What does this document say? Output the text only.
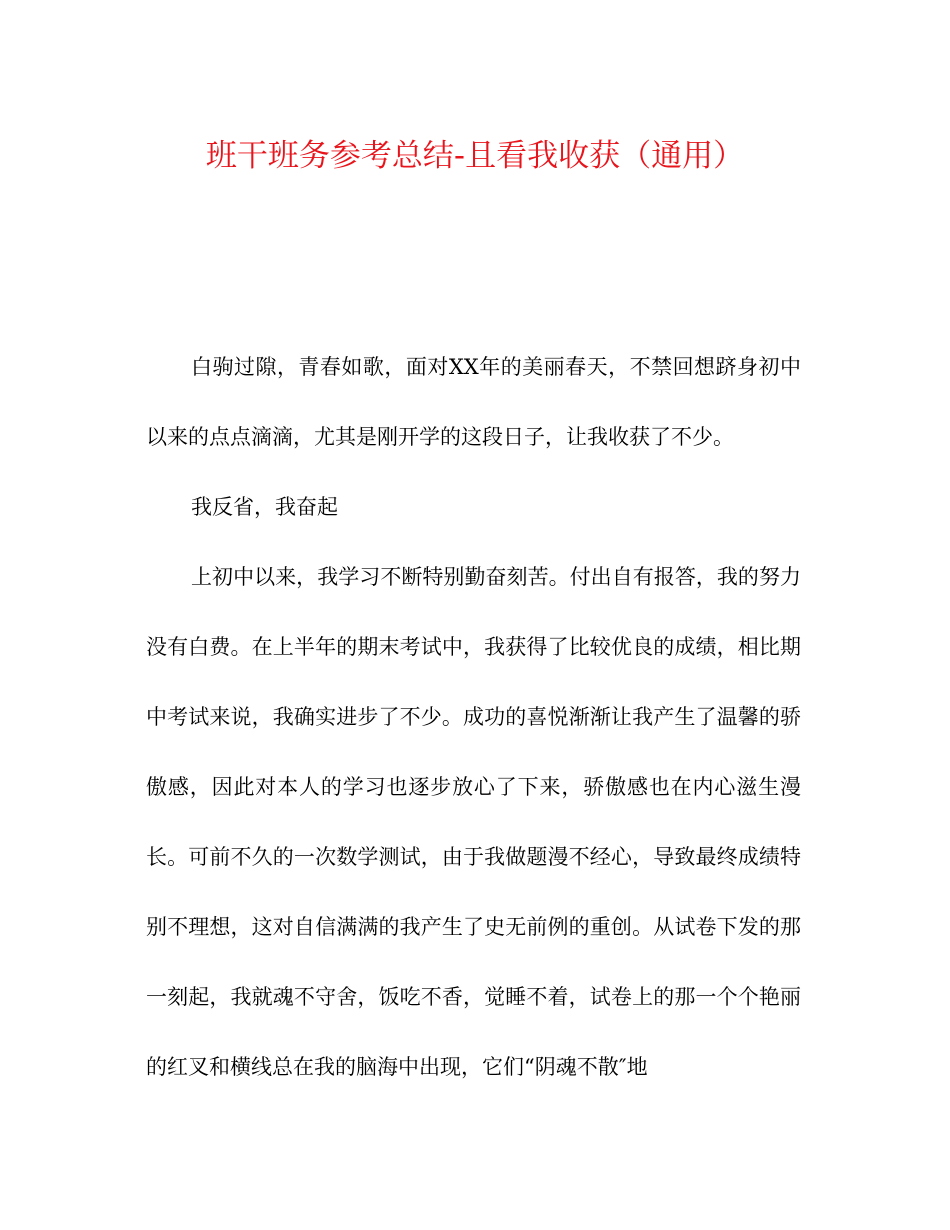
班干班务参考总结-且看我收获（通用）

白驹过隙，青春如歌，面对XX年的美丽春天，不禁回想跻身初中以来的点点滴滴，尤其是刚开学的这段日子，让我收获了不少。

我反省，我奋起

上初中以来，我学习不断特别勤奋刻苦。付出自有报答，我的努力没有白费。在上半年的期末考试中，我获得了比较优良的成绩，相比期中考试来说，我确实进步了不少。成功的喜悦渐渐让我产生了温馨的骄傲感，因此对本人的学习也逐步放心了下来，骄傲感也在内心滋生漫长。可前不久的一次数学测试，由于我做题漫不经心，导致最终成绩特别不理想，这对自信满满的我产生了史无前例的重创。从试卷下发的那一刻起，我就魂不守舍，饭吃不香，觉睡不着，试卷上的那一个个艳丽的红叉和横线总在我的脑海中出现，它们“阴魂不散″地
